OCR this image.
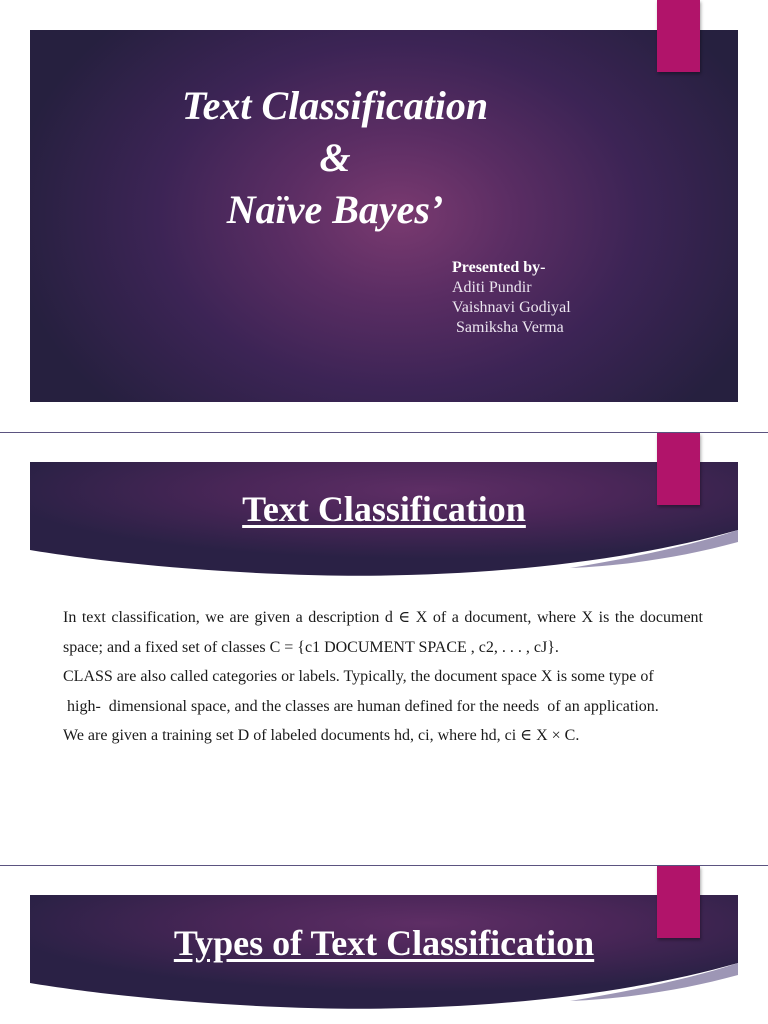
Text Classification
&
Naïve Bayes’
Presented by-
Aditi Pundir
Vaishnavi Godiyal
Samiksha Verma
Text Classification
In text classification, we are given a description d ∈ X of a document, where X is the document space; and a fixed set of classes C = {c1 DOCUMENT SPACE , c2, . . . , cJ}.
CLASS are also called categories or labels. Typically, the document space X is some type of
high-  dimensional space, and the classes are human defined for the needs  of an application.
We are given a training set D of labeled documents hd, ci, where hd, ci ∈ X × C.
Types of Text Classification
